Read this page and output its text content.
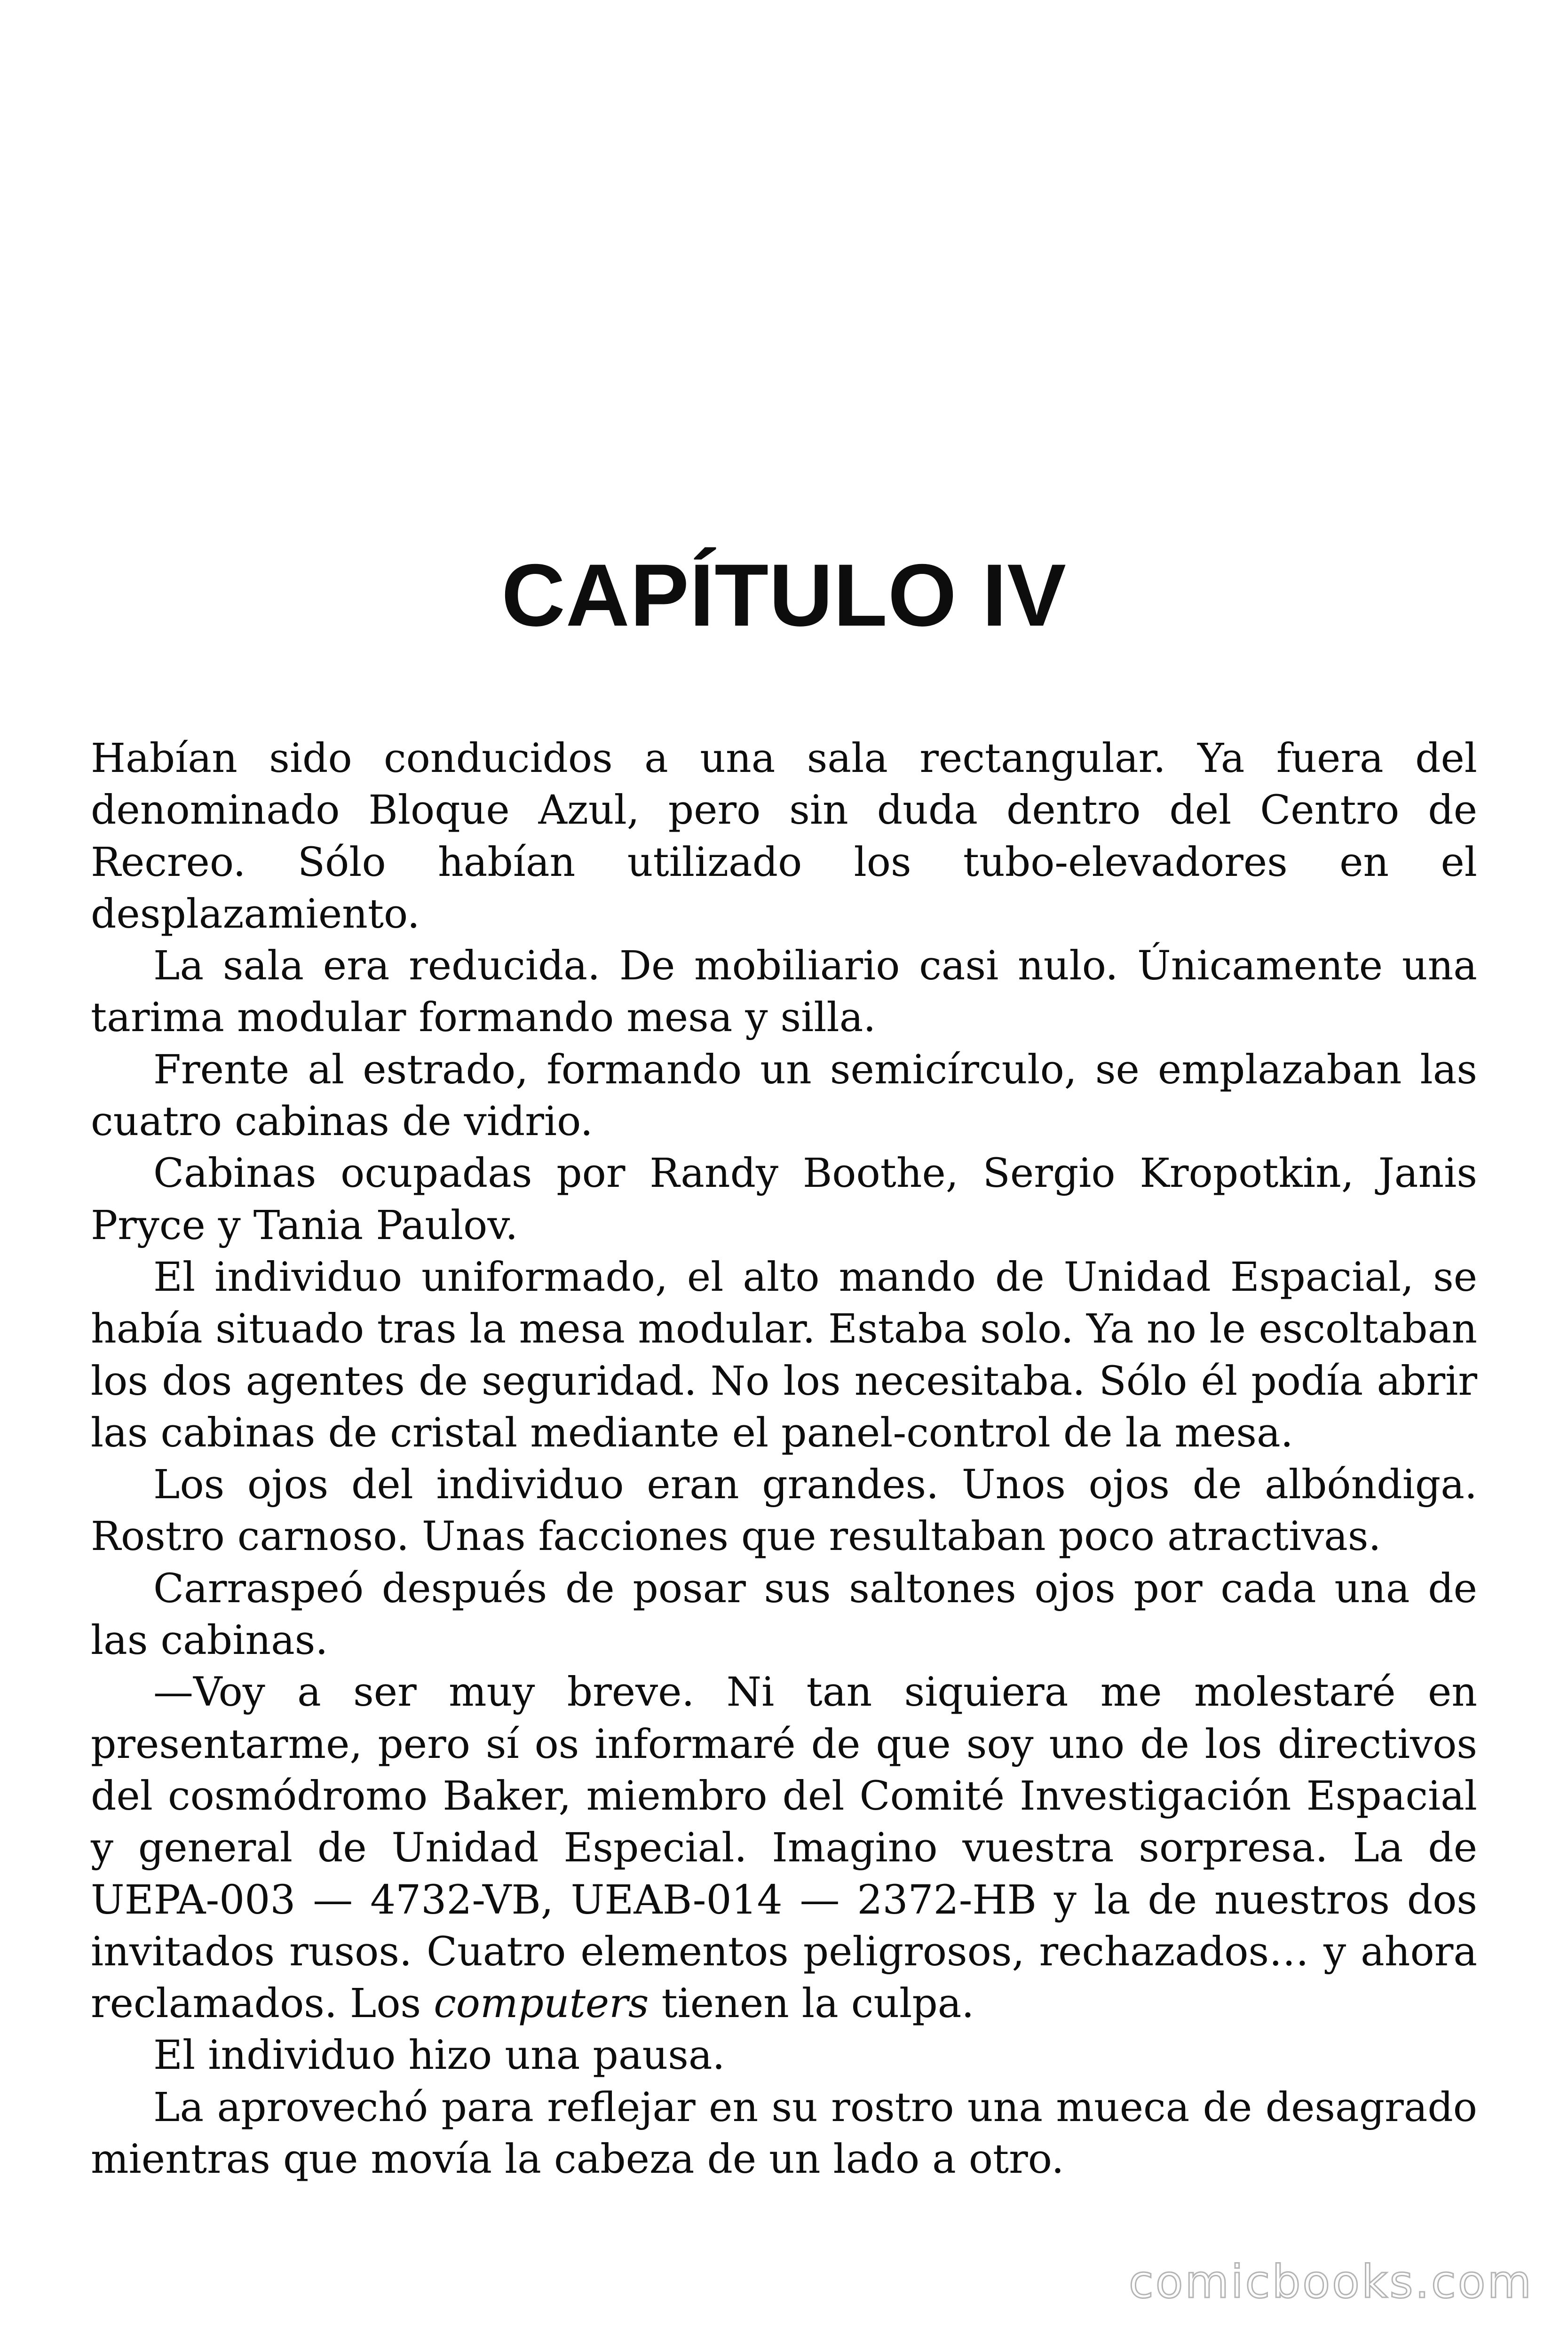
CAPÍTULO IV

Habían sido conducidos a una sala rectangular. Ya fuera del denominado Bloque Azul, pero sin duda dentro del Centro de Recreo. Sólo habían utilizado los tubo-elevadores en el desplazamiento.

La sala era reducida. De mobiliario casi nulo. Únicamente una tarima modular formando mesa y silla.

Frente al estrado, formando un semicírculo, se emplazaban las cuatro cabinas de vidrio.

Cabinas ocupadas por Randy Boothe, Sergio Kropotkin, Janis Pryce y Tania Paulov.

El individuo uniformado, el alto mando de Unidad Espacial, se había situado tras la mesa modular. Estaba solo. Ya no le escoltaban los dos agentes de seguridad. No los necesitaba. Sólo él podía abrir las cabinas de cristal mediante el panel-control de la mesa.

Los ojos del individuo eran grandes. Unos ojos de albóndiga. Rostro carnoso. Unas facciones que resultaban poco atractivas.

Carraspeó después de posar sus saltones ojos por cada una de las cabinas.

—Voy a ser muy breve. Ni tan siquiera me molestaré en presentarme, pero sí os informaré de que soy uno de los directivos del cosmódromo Baker, miembro del Comité Investigación Espacial y general de Unidad Especial. Imagino vuestra sorpresa. La de UEPA-003 — 4732-VB, UEAB-014 — 2372-HB y la de nuestros dos invitados rusos. Cuatro elementos peligrosos, rechazados… y ahora reclamados. Los computers tienen la culpa.

El individuo hizo una pausa.

La aprovechó para reflejar en su rostro una mueca de desagrado mientras que movía la cabeza de un lado a otro.

comicbooks.com
